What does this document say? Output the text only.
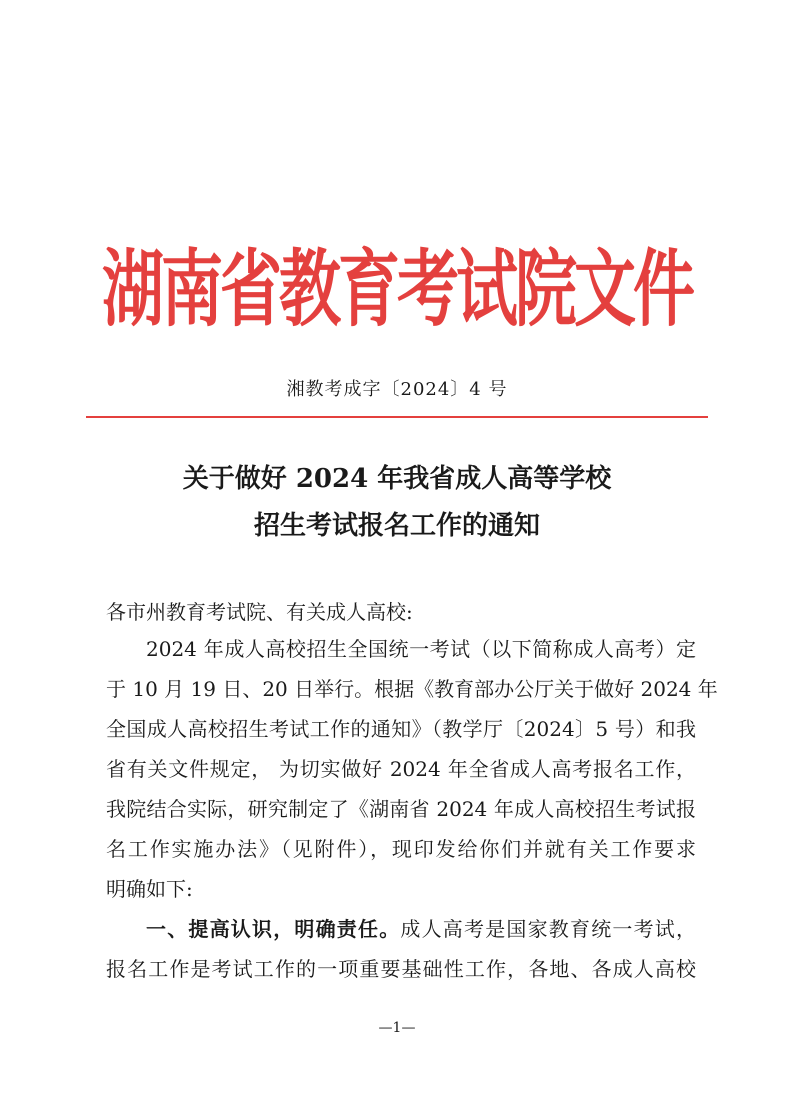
湖南省教育考试院文件
湘教考成字〔2024〕4 号
关于做好 2024 年我省成人高等学校
招生考试报名工作的通知
各市州教育考试院、有关成人高校:
2024 年成人高校招生全国统一考试（以下简称成人高考）定
于 10 月 19 日、20 日举行。根据《教育部办公厅关于做好 2024 年
全国成人高校招生考试工作的通知》（教学厅〔2024〕5 号）和我
省有关文件规定， 为切实做好 2024 年全省成人高考报名工作，
我院结合实际，研究制定了《湖南省 2024 年成人高校招生考试报
名工作实施办法》（见附件），现印发给你们并就有关工作要求
明确如下:
一、提高认识，明确责任。成人高考是国家教育统一考试，
报名工作是考试工作的一项重要基础性工作，各地、各成人高校
—1—
